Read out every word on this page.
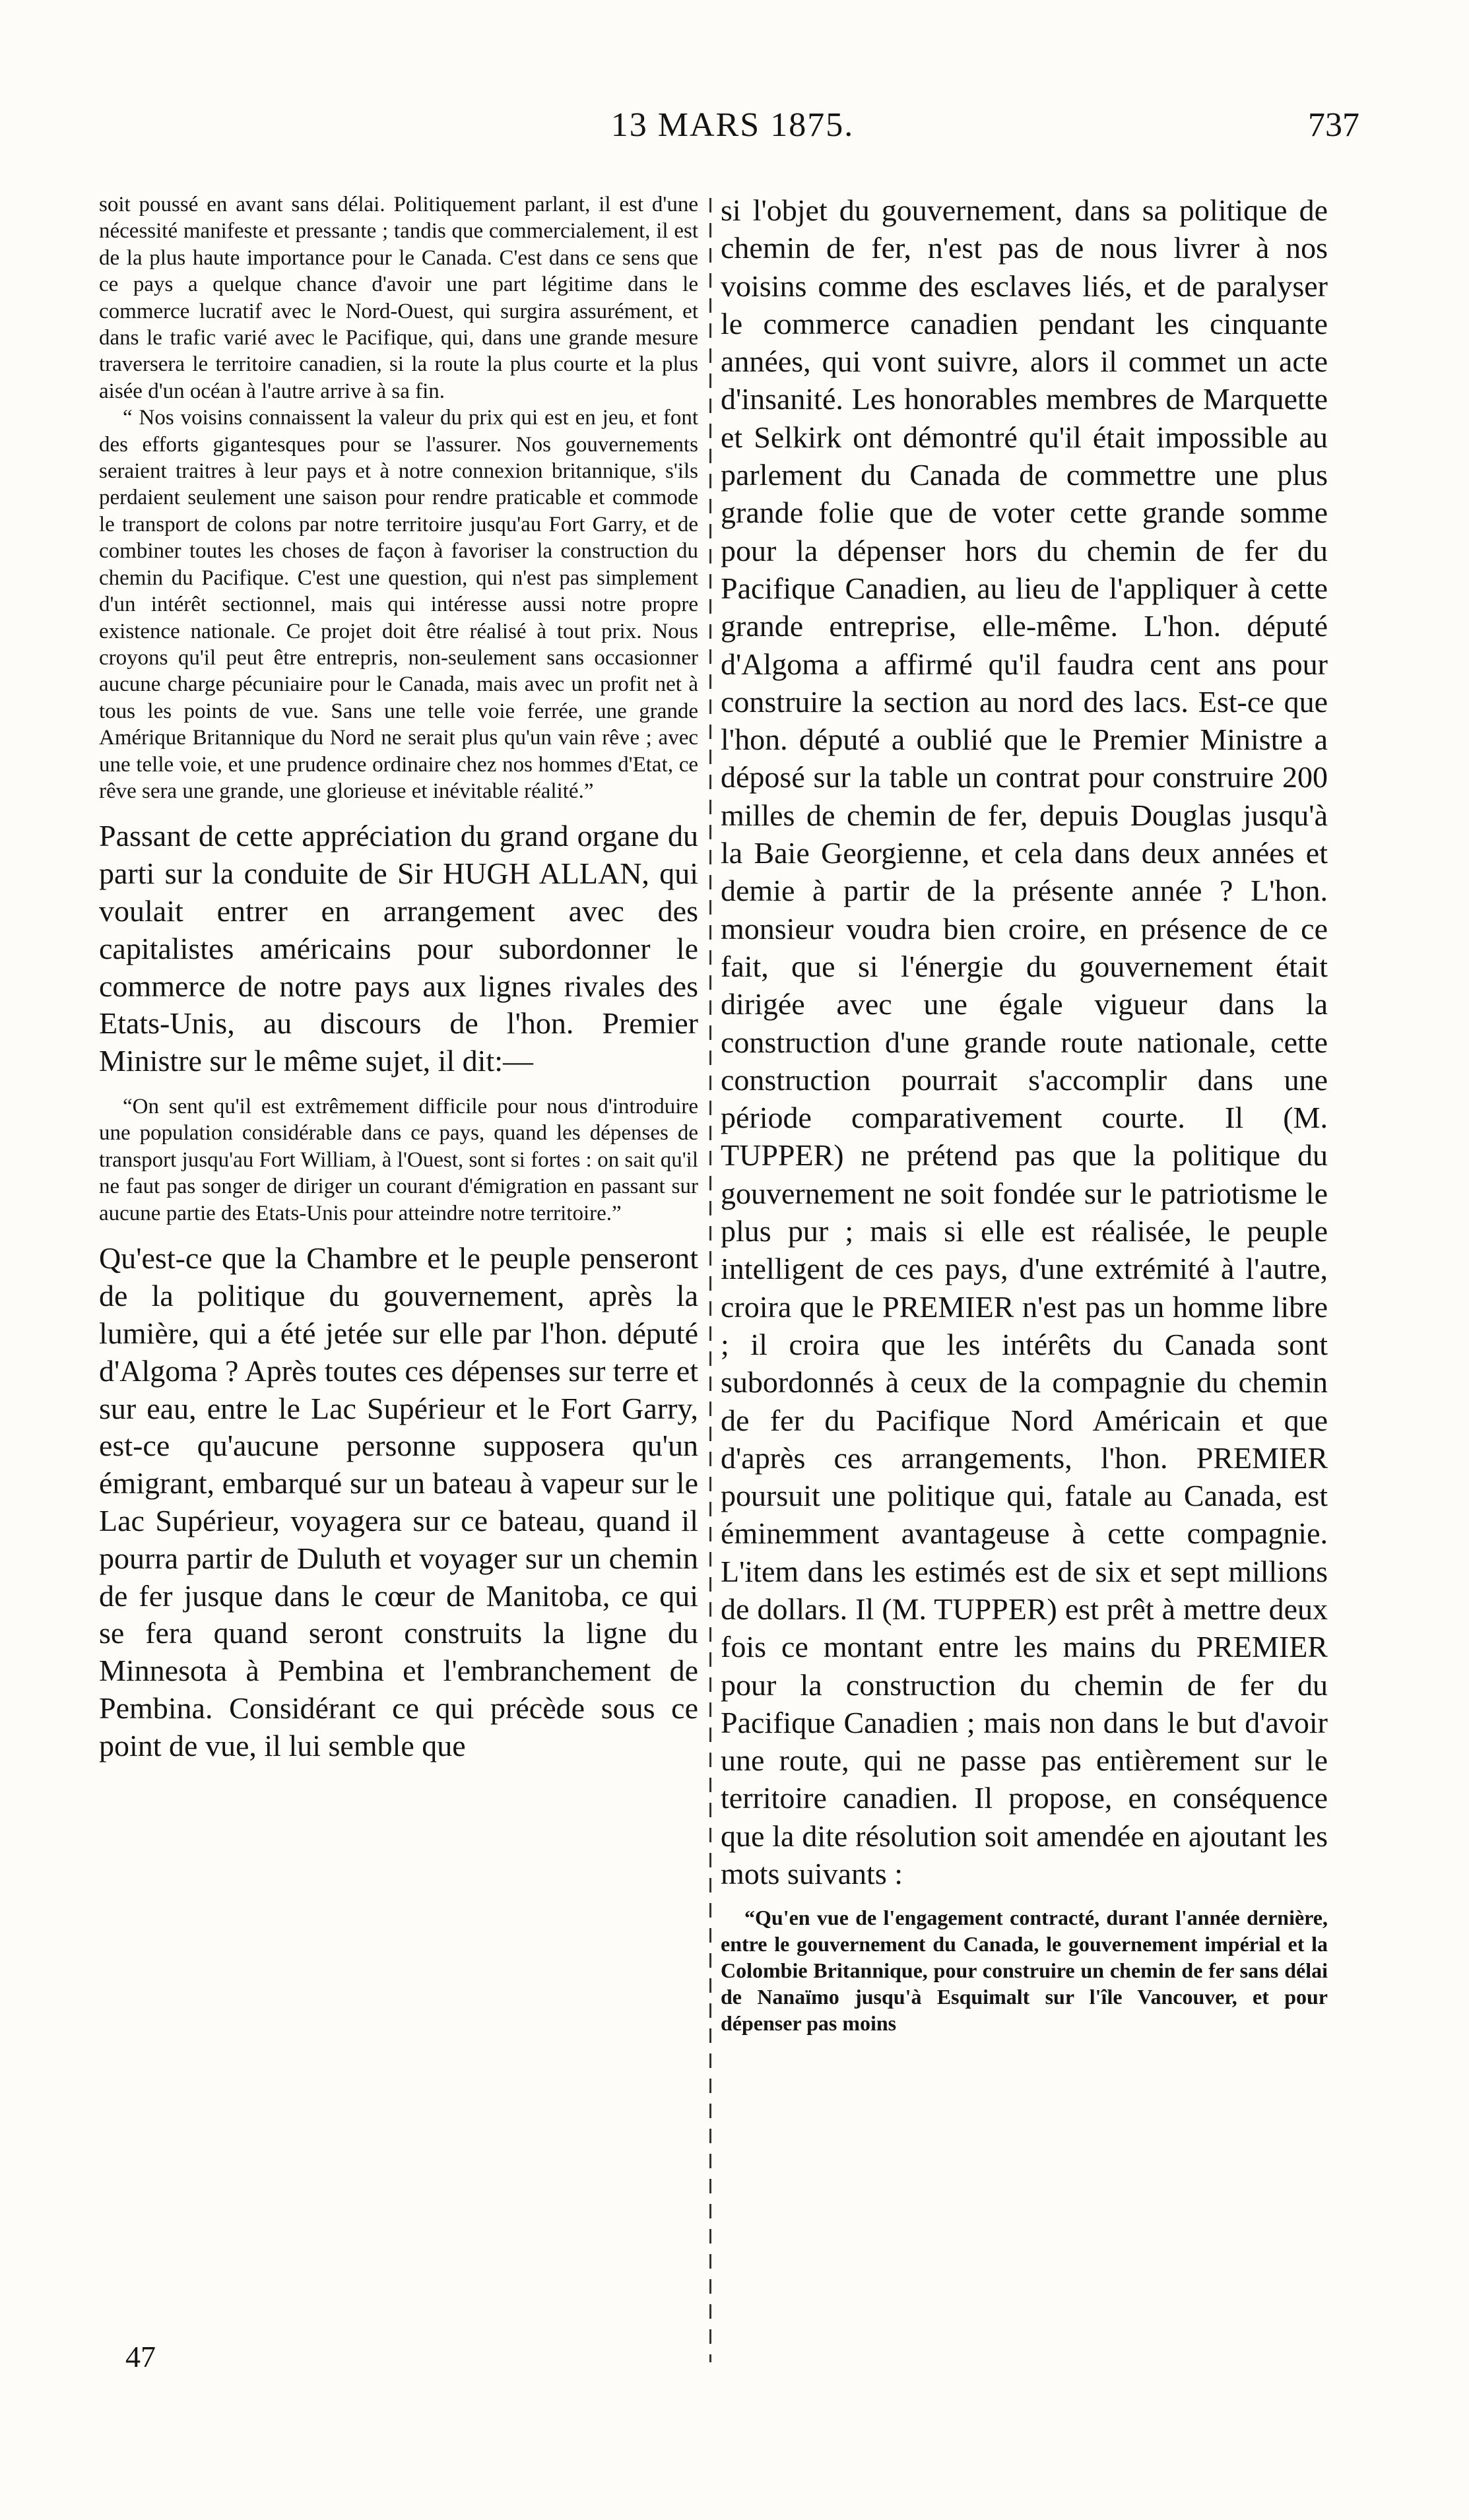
13 MARS 1875.	737

soit poussé en avant sans délai. Politiquement parlant, il est d'une nécessité manifeste et pressante ; tandis que commercialement, il est de la plus haute importance pour le Canada. C'est dans ce sens que ce pays a quelque chance d'avoir une part légitime dans le commerce lucratif avec le Nord-Ouest, qui surgira assurément, et dans le trafic varié avec le Pacifique, qui, dans une grande mesure traversera le territoire canadien, si la route la plus courte et la plus aisée d'un océan à l'autre arrive à sa fin.

“ Nos voisins connaissent la valeur du prix qui est en jeu, et font des efforts gigantesques pour se l'assurer. Nos gouvernements seraient traitres à leur pays et à notre connexion britannique, s'ils perdaient seulement une saison pour rendre praticable et commode le transport de colons par notre territoire jusqu'au Fort Garry, et de combiner toutes les choses de façon à favoriser la construction du chemin du Pacifique. C'est une question, qui n'est pas simplement d'un intérêt sectionnel, mais qui intéresse aussi notre propre existence nationale. Ce projet doit être réalisé à tout prix. Nous croyons qu'il peut être entrepris, non-seulement sans occasionner aucune charge pécuniaire pour le Canada, mais avec un profit net à tous les points de vue. Sans une telle voie ferrée, une grande Amérique Britannique du Nord ne serait plus qu'un vain rêve ; avec une telle voie, et une prudence ordinaire chez nos hommes d'Etat, ce rêve sera une grande, une glorieuse et inévitable réalité.”

Passant de cette appréciation du grand organe du parti sur la conduite de Sir HUGH ALLAN, qui voulait entrer en arrangement avec des capitalistes américains pour subordonner le commerce de notre pays aux lignes rivales des Etats-Unis, au discours de l'hon. Premier Ministre sur le même sujet, il dit:—

“On sent qu'il est extrêmement difficile pour nous d'introduire une population considérable dans ce pays, quand les dépenses de transport jusqu'au Fort William, à l'Ouest, sont si fortes : on sait qu'il ne faut pas songer de diriger un courant d'émigration en passant sur aucune partie des Etats-Unis pour atteindre notre territoire.”

Qu'est-ce que la Chambre et le peuple penseront de la politique du gouvernement, après la lumière, qui a été jetée sur elle par l'hon. député d'Algoma ? Après toutes ces dépenses sur terre et sur eau, entre le Lac Supérieur et le Fort Garry, est-ce qu'aucune personne supposera qu'un émigrant, embarqué sur un bateau à vapeur sur le Lac Supérieur, voyagera sur ce bateau, quand il pourra partir de Duluth et voyager sur un chemin de fer jusque dans le cœur de Manitoba, ce qui se fera quand seront construits la ligne du Minnesota à Pembina et l'embranchement de Pembina. Considérant ce qui précède sous ce point de vue, il lui semble que

si l'objet du gouvernement, dans sa politique de chemin de fer, n'est pas de nous livrer à nos voisins comme des esclaves liés, et de paralyser le commerce canadien pendant les cinquante années, qui vont suivre, alors il commet un acte d'insanité. Les honorables membres de Marquette et Selkirk ont démontré qu'il était impossible au parlement du Canada de commettre une plus grande folie que de voter cette grande somme pour la dépenser hors du chemin de fer du Pacifique Canadien, au lieu de l'appliquer à cette grande entreprise, elle-même. L'hon. député d'Algoma a affirmé qu'il faudra cent ans pour construire la section au nord des lacs. Est-ce que l'hon. député a oublié que le Premier Ministre a déposé sur la table un contrat pour construire 200 milles de chemin de fer, depuis Douglas jusqu'à la Baie Georgienne, et cela dans deux années et demie à partir de la présente année ? L'hon. monsieur voudra bien croire, en présence de ce fait, que si l'énergie du gouvernement était dirigée avec une égale vigueur dans la construction d'une grande route nationale, cette construction pourrait s'accomplir dans une période comparativement courte. Il (M. TUPPER) ne prétend pas que la politique du gouvernement ne soit fondée sur le patriotisme le plus pur ; mais si elle est réalisée, le peuple intelligent de ces pays, d'une extrémité à l'autre, croira que le PREMIER n'est pas un homme libre ; il croira que les intérêts du Canada sont subordonnés à ceux de la compagnie du chemin de fer du Pacifique Nord Américain et que d'après ces arrangements, l'hon. PREMIER poursuit une politique qui, fatale au Canada, est éminemment avantageuse à cette compagnie. L'item dans les estimés est de six et sept millions de dollars. Il (M. TUPPER) est prêt à mettre deux fois ce montant entre les mains du PREMIER pour la construction du chemin de fer du Pacifique Canadien ; mais non dans le but d'avoir une route, qui ne passe pas entièrement sur le territoire canadien. Il propose, en conséquence que la dite résolution soit amendée en ajoutant les mots suivants :

“Qu'en vue de l'engagement contracté, durant l'année dernière, entre le gouvernement du Canada, le gouvernement impérial et la Colombie Britannique, pour construire un chemin de fer sans délai de Nanaïmo jusqu'à Esquimalt sur l'île Vancouver, et pour dépenser pas moins

47
